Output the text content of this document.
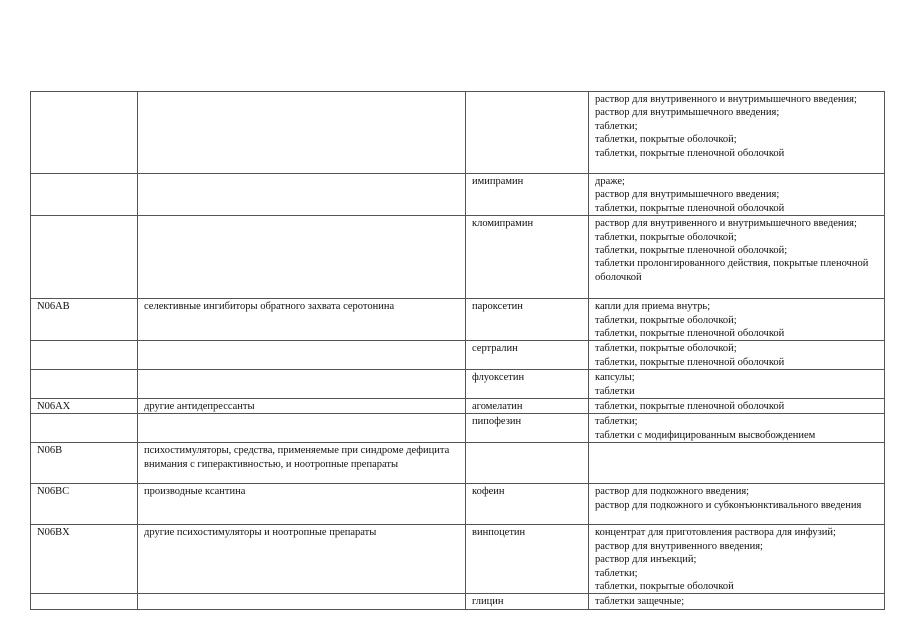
			раствор для внутривенного и внутримышечного введения;
раствор для внутримышечного введения;
таблетки;
таблетки, покрытые оболочкой;
таблетки, покрытые пленочной оболочкой
		имипрамин	драже;
раствор для внутримышечного введения;
таблетки, покрытые пленочной оболочкой
		кломипрамин	раствор для внутривенного и внутримышечного введения;
таблетки, покрытые оболочкой;
таблетки, покрытые пленочной оболочкой;
таблетки пролонгированного действия, покрытые пленочной оболочкой
N06AB	селективные ингибиторы обратного захвата серотонина	пароксетин	капли для приема внутрь;
таблетки, покрытые оболочкой;
таблетки, покрытые пленочной оболочкой
		сертралин	таблетки, покрытые оболочкой;
таблетки, покрытые пленочной оболочкой
		флуоксетин	капсулы;
таблетки
N06AX	другие антидепрессанты	агомелатин	таблетки, покрытые пленочной оболочкой
		пипофезин	таблетки;
таблетки с модифицированным высвобождением
N06B	психостимуляторы, средства, применяемые при синдроме дефицита внимания с гиперактивностью, и ноотропные препараты		
N06BC	производные ксантина	кофеин	раствор для подкожного введения;
раствор для подкожного и субконъюнктивального введения
N06BX	другие психостимуляторы и ноотропные препараты	винпоцетин	концентрат для приготовления раствора для инфузий;
раствор для внутривенного введения;
раствор для инъекций;
таблетки;
таблетки, покрытые оболочкой
		глицин	таблетки защечные;
